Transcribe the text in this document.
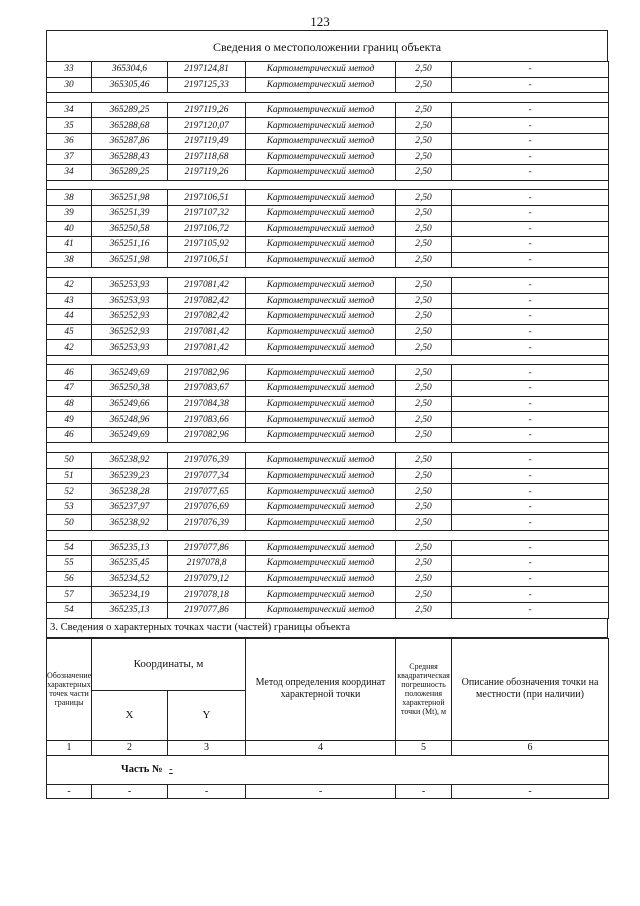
123
Сведения о местоположении границ объекта
33	365304,6	2197124,81	Картометрический метод	2,50	-
30	365305,46	2197125,33	Картометрический метод	2,50	-

34	365289,25	2197119,26	Картометрический метод	2,50	-
35	365288,68	2197120,07	Картометрический метод	2,50	-
36	365287,86	2197119,49	Картометрический метод	2,50	-
37	365288,43	2197118,68	Картометрический метод	2,50	-
34	365289,25	2197119,26	Картометрический метод	2,50	-

38	365251,98	2197106,51	Картометрический метод	2,50	-
39	365251,39	2197107,32	Картометрический метод	2,50	-
40	365250,58	2197106,72	Картометрический метод	2,50	-
41	365251,16	2197105,92	Картометрический метод	2,50	-
38	365251,98	2197106,51	Картометрический метод	2,50	-

42	365253,93	2197081,42	Картометрический метод	2,50	-
43	365253,93	2197082,42	Картометрический метод	2,50	-
44	365252,93	2197082,42	Картометрический метод	2,50	-
45	365252,93	2197081,42	Картометрический метод	2,50	-
42	365253,93	2197081,42	Картометрический метод	2,50	-

46	365249,69	2197082,96	Картометрический метод	2,50	-
47	365250,38	2197083,67	Картометрический метод	2,50	-
48	365249,66	2197084,38	Картометрический метод	2,50	-
49	365248,96	2197083,66	Картометрический метод	2,50	-
46	365249,69	2197082,96	Картометрический метод	2,50	-

50	365238,92	2197076,39	Картометрический метод	2,50	-
51	365239,23	2197077,34	Картометрический метод	2,50	-
52	365238,28	2197077,65	Картометрический метод	2,50	-
53	365237,97	2197076,69	Картометрический метод	2,50	-
50	365238,92	2197076,39	Картометрический метод	2,50	-

54	365235,13	2197077,86	Картометрический метод	2,50	-
55	365235,45	2197078,8	Картометрический метод	2,50	-
56	365234,52	2197079,12	Картометрический метод	2,50	-
57	365234,19	2197078,18	Картометрический метод	2,50	-
54	365235,13	2197077,86	Картометрический метод	2,50	-
3. Сведения о характерных точках части (частей) границы объекта
Обозначение характерных точек части границы	Координаты, м		Метод определения координат характерной точки	Средняя квадратическая погрешность положения характерной точки (Мt), м	Описание обозначения точки на местности (при наличии)
	X	Y			
1	2	3	4	5	6
Часть № -					
-	-	-	-	-	-
